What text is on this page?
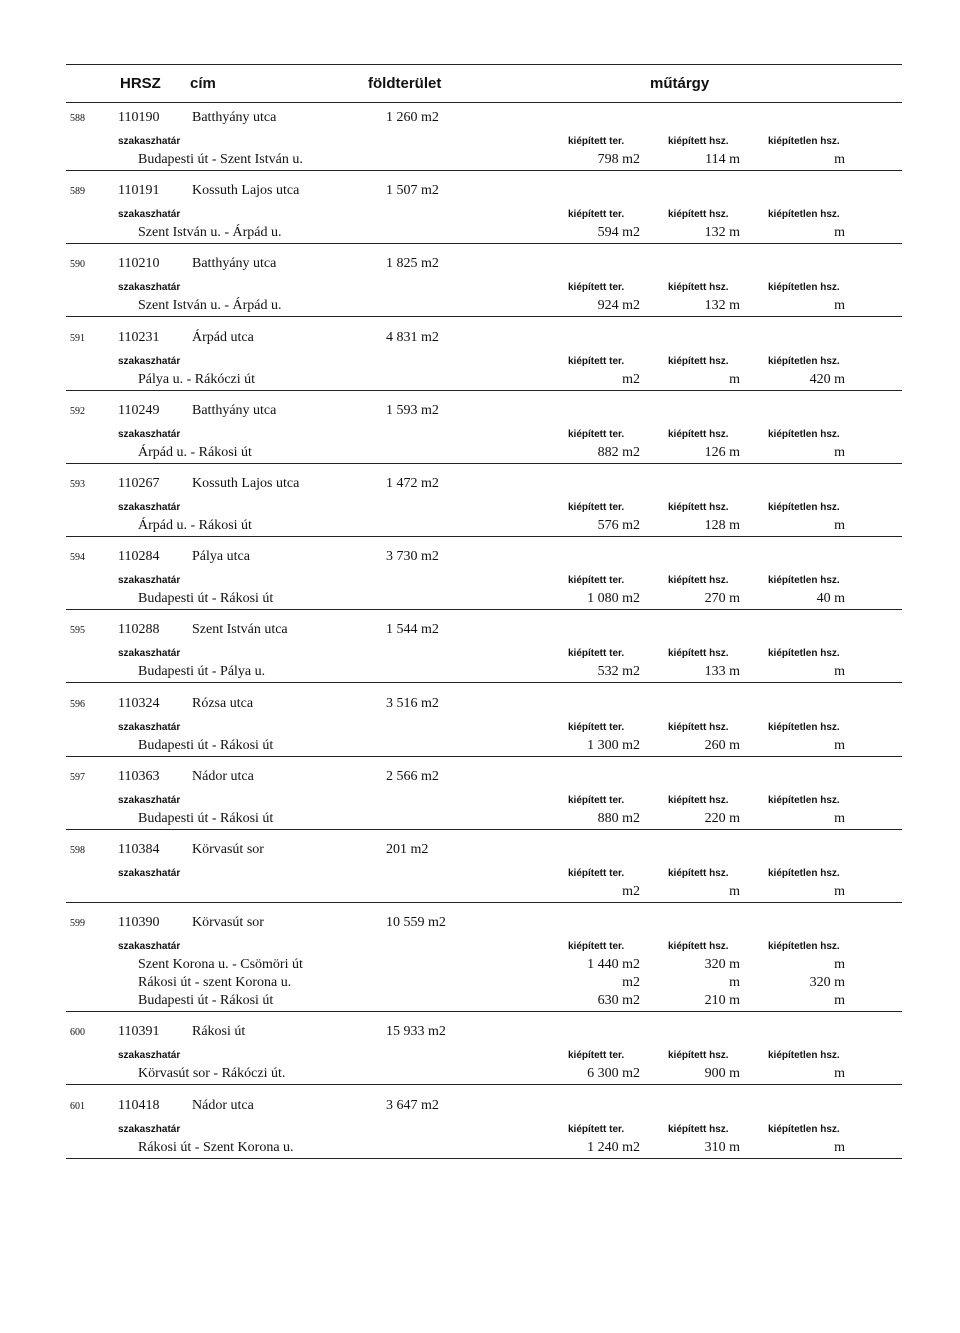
HRSZ cím	földterület	műtárgy
588 110190 Batthyány utca	1 260 m2
szakaszhatár	kiépített ter.	kiépített hsz.	kiépítetlen hsz.
Budapesti út - Szent István u.	798 m2	114 m	m
589 110191 Kossuth Lajos utca	1 507 m2
szakaszhatár	kiépített ter.	kiépített hsz.	kiépítetlen hsz.
Szent István u. - Árpád u.	594 m2	132 m	m
590 110210 Batthyány utca	1 825 m2
szakaszhatár	kiépített ter.	kiépített hsz.	kiépítetlen hsz.
Szent István u. - Árpád u.	924 m2	132 m	m
591 110231 Árpád utca	4 831 m2
szakaszhatár	kiépített ter.	kiépített hsz.	kiépítetlen hsz.
Pálya u. - Rákóczi út	m2	m	420 m
592 110249 Batthyány utca	1 593 m2
szakaszhatár	kiépített ter.	kiépített hsz.	kiépítetlen hsz.
Árpád u. - Rákosi út	882 m2	126 m	m
593 110267 Kossuth Lajos utca	1 472 m2
szakaszhatár	kiépített ter.	kiépített hsz.	kiépítetlen hsz.
Árpád u. - Rákosi út	576 m2	128 m	m
594 110284 Pálya utca	3 730 m2
szakaszhatár	kiépített ter.	kiépített hsz.	kiépítetlen hsz.
Budapesti út - Rákosi út	1 080 m2	270 m	40 m
595 110288 Szent István utca	1 544 m2
szakaszhatár	kiépített ter.	kiépített hsz.	kiépítetlen hsz.
Budapesti út - Pálya u.	532 m2	133 m	m
596 110324 Rózsa utca	3 516 m2
szakaszhatár	kiépített ter.	kiépített hsz.	kiépítetlen hsz.
Budapesti út - Rákosi út	1 300 m2	260 m	m
597 110363 Nádor utca	2 566 m2
szakaszhatár	kiépített ter.	kiépített hsz.	kiépítetlen hsz.
Budapesti út - Rákosi út	880 m2	220 m	m
598 110384 Körvasút sor	201 m2
szakaszhatár	kiépített ter.	kiépített hsz.	kiépítetlen hsz.
m2	m	m
599 110390 Körvasút sor	10 559 m2
szakaszhatár	kiépített ter.	kiépített hsz.	kiépítetlen hsz.
Szent Korona u. - Csömöri út	1 440 m2	320 m	m
Rákosi út - szent Korona u.	m2	m	320 m
Budapesti út - Rákosi út	630 m2	210 m	m
600 110391 Rákosi út	15 933 m2
szakaszhatár	kiépített ter.	kiépített hsz.	kiépítetlen hsz.
Körvasút sor - Rákóczi út.	6 300 m2	900 m	m
601 110418 Nádor utca	3 647 m2
szakaszhatár	kiépített ter.	kiépített hsz.	kiépítetlen hsz.
Rákosi út - Szent Korona u.	1 240 m2	310 m	m
